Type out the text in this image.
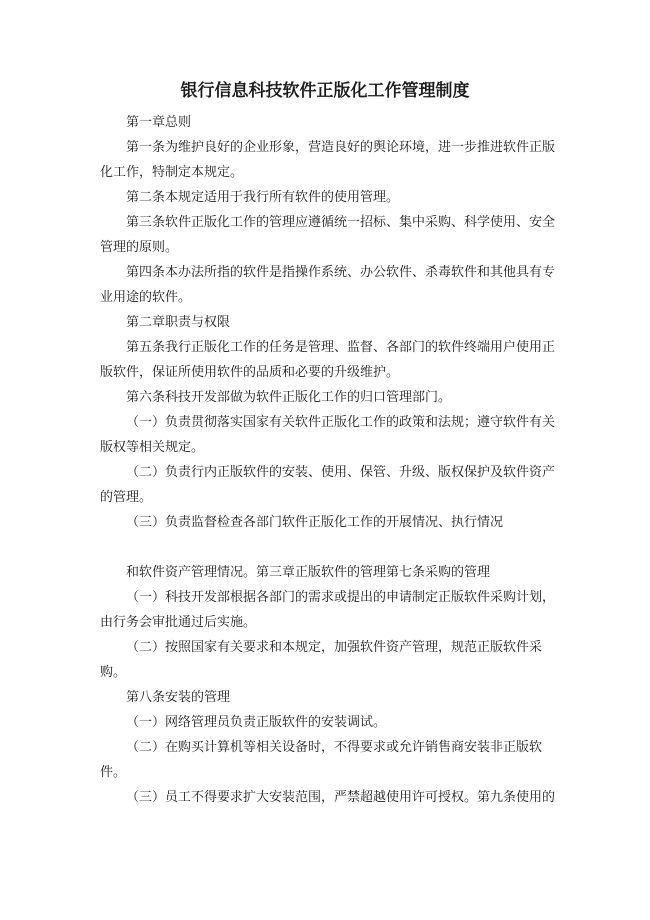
银行信息科技软件正版化工作管理制度
第一章总则
第一条为维护良好的企业形象，营造良好的舆论环境，进一步推进软件正版
化工作，特制定本规定。
第二条本规定适用于我行所有软件的使用管理。
第三条软件正版化工作的管理应遵循统一招标、集中采购、科学使用、安全
管理的原则。
第四条本办法所指的软件是指操作系统、办公软件、杀毒软件和其他具有专
业用途的软件。
第二章职责与权限
第五条我行正版化工作的任务是管理、监督、各部门的软件终端用户使用正
版软件，保证所使用软件的品质和必要的升级维护。
第六条科技开发部做为软件正版化工作的归口管理部门。
（一）负责贯彻落实国家有关软件正版化工作的政策和法规；遵守软件有关
版权等相关规定。
（二）负责行内正版软件的安装、使用、保管、升级、版权保护及软件资产
的管理。
（三）负责监督检查各部门软件正版化工作的开展情况、执行情况
和软件资产管理情况。第三章正版软件的管理第七条采购的管理
（一）科技开发部根据各部门的需求或提出的申请制定正版软件采购计划，
由行务会审批通过后实施。
（二）按照国家有关要求和本规定，加强软件资产管理，规范正版软件采
购。
第八条安装的管理
（一）网络管理员负责正版软件的安装调试。
（二）在购买计算机等相关设备时，不得要求或允许销售商安装非正版软
件。
（三）员工不得要求扩大安装范围，严禁超越使用许可授权。第九条使用的
